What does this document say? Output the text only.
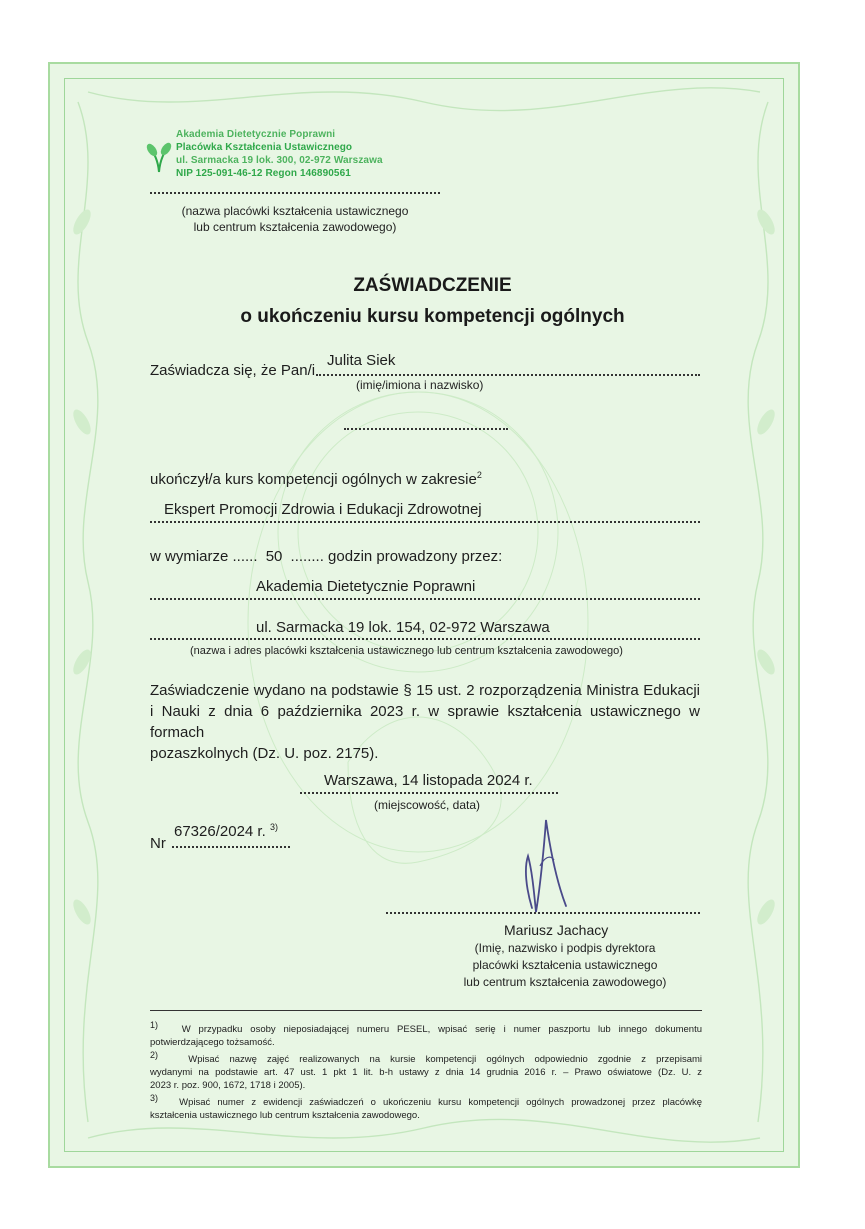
Akademia Dietetycznie Poprawni
Placówka Kształcenia Ustawicznego
ul. Sarmacka 19 lok. 300, 02-972 Warszawa
NIP 125-091-46-12 Regon 146890561
(nazwa placówki kształcenia ustawicznego
lub centrum kształcenia zawodowego)
ZAŚWIADCZENIE
o ukończeniu kursu kompetencji ogólnych
Zaświadcza się, że Pan/i
Julita Siek
(imię/imiona i nazwisko)
ukończył/a kurs kompetencji ogólnych w zakresie$^2$
Ekspert Promocji Zdrowia i Edukacji Zdrowotnej
w wymiarze ...... 50 ........ godzin prowadzony przez:
Akademia Dietetycznie Poprawni
ul. Sarmacka 19 lok. 154, 02-972 Warszawa
(nazwa i adres placówki kształcenia ustawicznego lub centrum kształcenia zawodowego)
Zaświadczenie wydano na podstawie § 15 ust. 2 rozporządzenia Ministra Edukacji
i Nauki z dnia 6 października 2023 r. w sprawie kształcenia ustawicznego w formach
pozaszkolnych (Dz. U. poz. 2175).
Warszawa, 14 listopada 2024 r.
(miejscowość, data)
Nr
67326/2024 r. $^{3)}$
Mariusz Jachacy
(Imię, nazwisko i podpis dyrektora
placówki kształcenia ustawicznego
lub centrum kształcenia zawodowego)
1) W przypadku osoby nieposiadającej numeru PESEL, wpisać serię i numer paszportu lub innego dokumentu
potwierdzającego tożsamość.
2)	Wpisać nazwę zajęć realizowanych na kursie kompetencji ogólnych odpowiednio zgodnie z przepisami
wydanymi na podstawie art. 47 ust. 1 pkt 1 lit. b-h ustawy z dnia 14 grudnia 2016 r. – Prawo oświatowe (Dz. U. z
2023 r. poz. 900, 1672, 1718 i 2005).
3) Wpisać numer z ewidencji zaświadczeń o ukończeniu kursu kompetencji ogólnych prowadzonej przez placówkę
kształcenia ustawicznego lub centrum kształcenia zawodowego.
